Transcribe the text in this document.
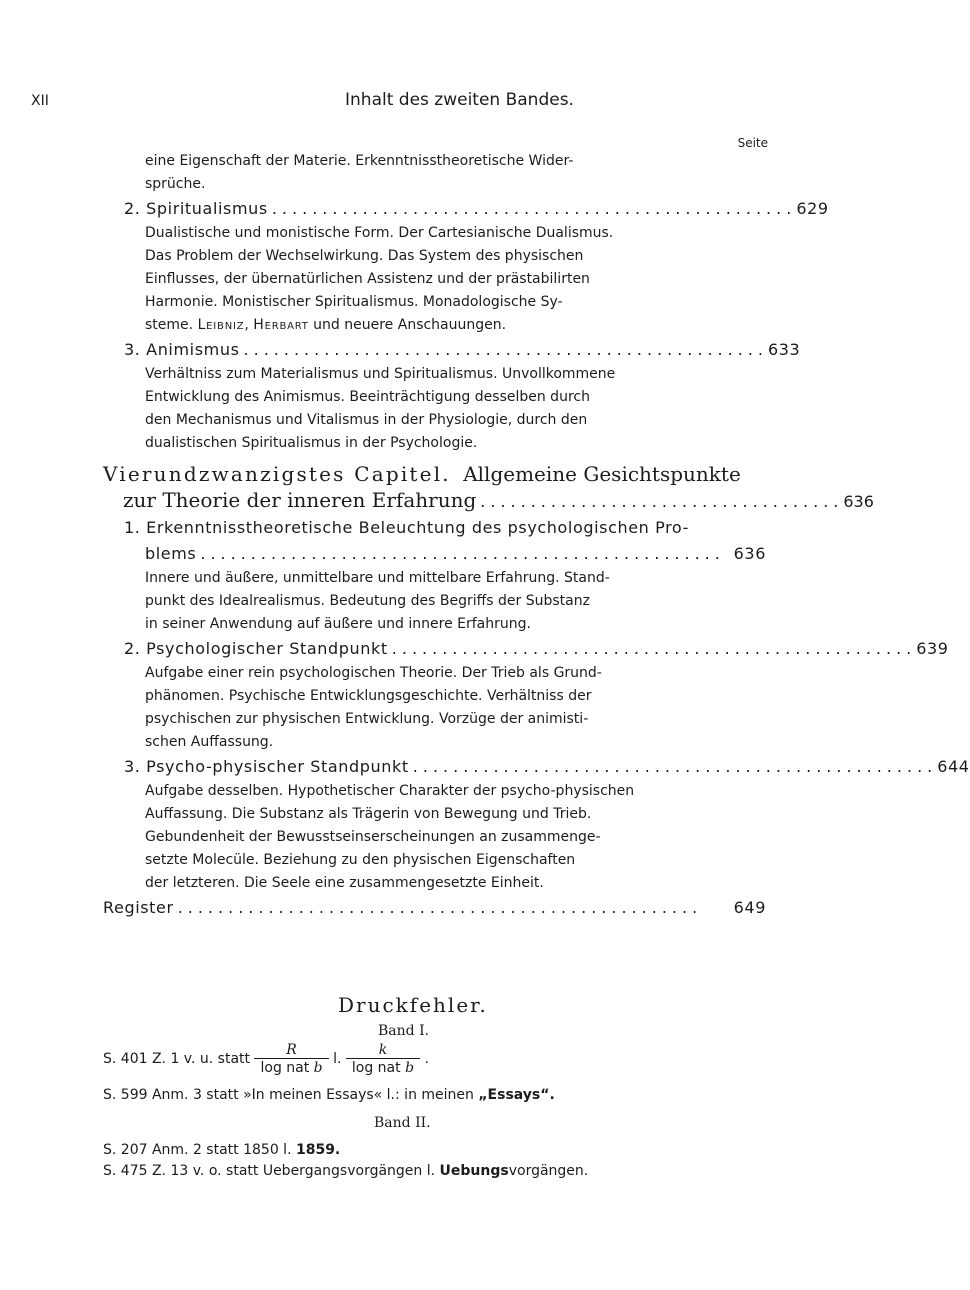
XII	Inhalt des zweiten Bandes.
Seite
eine Eigenschaft der Materie. Erkenntnisstheoretische Wider-
sprüche.
2. Spiritualismus .................................................... 629
Dualistische und monistische Form. Der Cartesianische Dualismus.
Das Problem der Wechselwirkung. Das System des physischen
Einflusses, der übernatürlichen Assistenz und der prästabilirten
Harmonie. Monistischer Spiritualismus. Monadologische Sy-
steme. Leibniz, Herbart und neuere Anschauungen.
3. Animismus .................................................... 633
Verhältniss zum Materialismus und Spiritualismus. Unvollkommene
Entwicklung des Animismus. Beeinträchtigung desselben durch
den Mechanismus und Vitalismus in der Physiologie, durch den
dualistischen Spiritualismus in der Psychologie.
Vierundzwanzigstes Capitel. Allgemeine Gesichtspunkte
zur Theorie der inneren Erfahrung .................................... 636
1. Erkenntnisstheoretische Beleuchtung des psychologischen Pro-
blems .................................................... 636
Innere und äußere, unmittelbare und mittelbare Erfahrung. Stand-
punkt des Idealrealismus. Bedeutung des Begriffs der Substanz
in seiner Anwendung auf äußere und innere Erfahrung.
2. Psychologischer Standpunkt .................................................... 639
Aufgabe einer rein psychologischen Theorie. Der Trieb als Grund-
phänomen. Psychische Entwicklungsgeschichte. Verhältniss der
psychischen zur physischen Entwicklung. Vorzüge der animisti-
schen Auffassung.
3. Psycho-physischer Standpunkt .................................................... 644
Aufgabe desselben. Hypothetischer Charakter der psycho-physischen
Auffassung. Die Substanz als Trägerin von Bewegung und Trieb.
Gebundenheit der Bewusstseinserscheinungen an zusammenge-
setzte Molecüle. Beziehung zu den physischen Eigenschaften
der letzteren. Die Seele eine zusammengesetzte Einheit.
Register ....................................................	649
Druckfehler.
Band I.
S. 401 Z. 1 v. u. statt $\frac{R}{\text{log nat b}} l$. $\frac{k}{\text{log nat b}}$ .
S. 599 Anm. 3 statt »In meinen Essays« l.: in meinen „Essays“.
Band II.
S. 207 Anm. 2 statt 1850 l. 1859.
S. 475 Z. 13 v. o. statt Uebergangsvorgängen l. Uebungsvorgängen.
